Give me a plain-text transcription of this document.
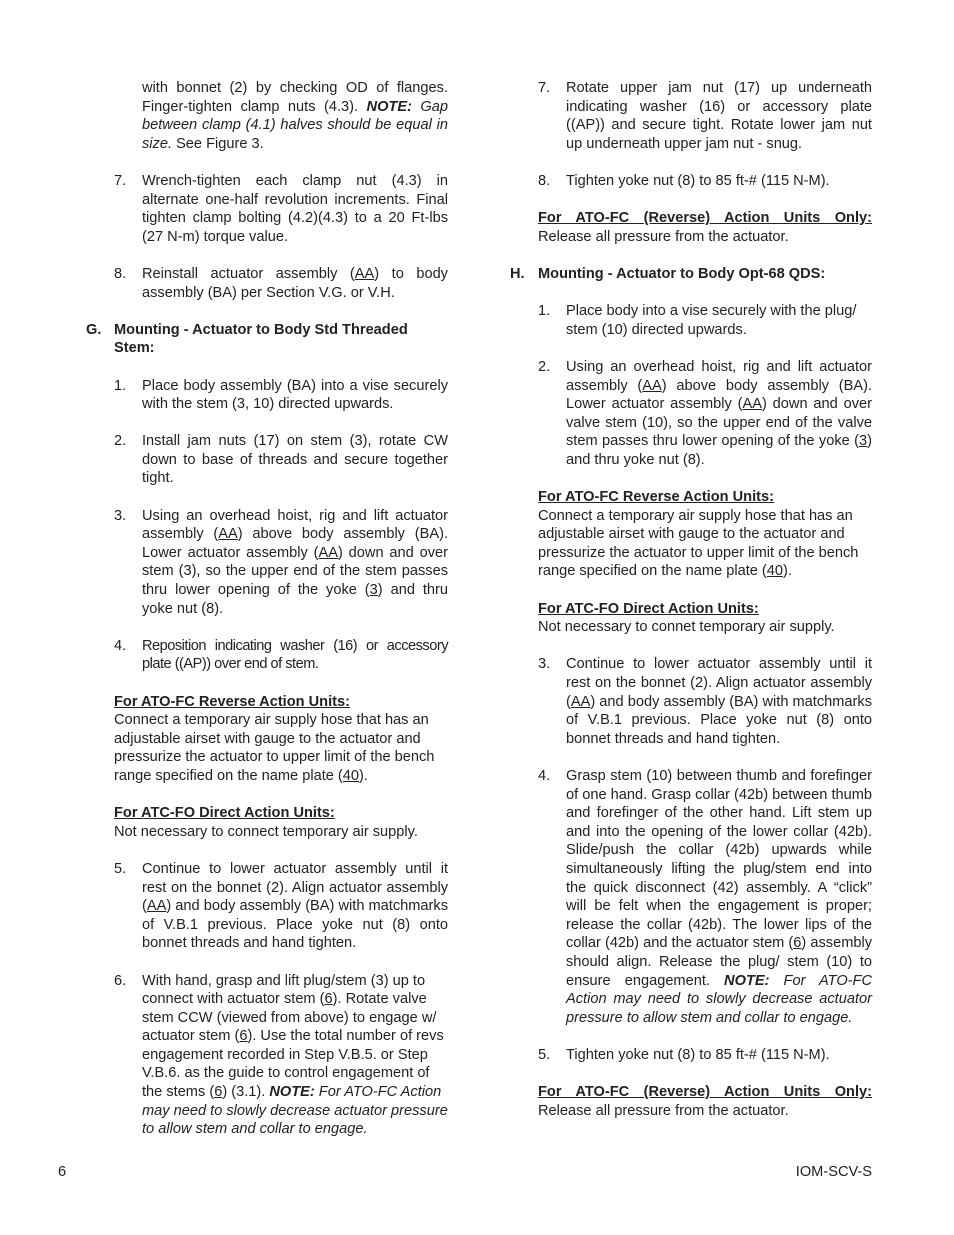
with bonnet (2) by checking OD of flanges. Finger-tighten clamp nuts (4.3). NOTE: Gap between clamp (4.1) halves should be equal in size. See Figure 3.
7. Wrench-tighten each clamp nut (4.3) in alternate one-half revolution increments. Final tighten clamp bolting (4.2)(4.3) to a 20 Ft-lbs (27 N-m) torque value.
8. Reinstall actuator assembly (AA) to body assembly (BA) per Section V.G. or V.H.
G. Mounting - Actuator to Body Std Threaded Stem:
1. Place body assembly (BA) into a vise securely with the stem (3, 10) directed upwards.
2. Install jam nuts (17) on stem (3), rotate CW down to base of threads and secure together tight.
3. Using an overhead hoist, rig and lift actuator assembly (AA) above body assembly (BA). Lower actuator assembly (AA) down and over stem (3), so the upper end of the stem passes thru lower opening of the yoke (3) and thru yoke nut (8).
4. Reposition indicating washer (16) or accessory plate ((AP)) over end of stem.
For ATO-FC Reverse Action Units:
Connect a temporary air supply hose that has an adjustable airset with gauge to the actuator and pressurize the actuator to upper limit of the bench range specified on the name plate (40).
For ATC-FO Direct Action Units:
Not necessary to connect temporary air supply.
5. Continue to lower actuator assembly until it rest on the bonnet (2). Align actuator assembly (AA) and body assembly (BA) with matchmarks of V.B.1 previous. Place yoke nut (8) onto bonnet threads and hand tighten.
6. With hand, grasp and lift plug/stem (3) up to connect with actuator stem (6). Rotate valve stem CCW (viewed from above) to engage w/ actuator stem (6). Use the total number of revs engagement recorded in Step V.B.5. or Step V.B.6. as the guide to control engagement of the stems (6) (3.1). NOTE: For ATO-FC Action may need to slowly decrease actuator pressure to allow stem and collar to engage.
7. Rotate upper jam nut (17) up underneath indicating washer (16) or accessory plate ((AP)) and secure tight. Rotate lower jam nut up underneath upper jam nut - snug.
8. Tighten yoke nut (8) to 85 ft-# (115 N-M).
For ATO-FC (Reverse) Action Units Only: Release all pressure from the actuator.
H. Mounting - Actuator to Body Opt-68 QDS:
1. Place body into a vise securely with the plug/ stem (10) directed upwards.
2. Using an overhead hoist, rig and lift actuator assembly (AA) above body assembly (BA). Lower actuator assembly (AA) down and over valve stem (10), so the upper end of the valve stem passes thru lower opening of the yoke (3) and thru yoke nut (8).
For ATO-FC Reverse Action Units:
Connect a temporary air supply hose that has an adjustable airset with gauge to the actuator and pressurize the actuator to upper limit of the bench range specified on the name plate (40).
For ATC-FO Direct Action Units:
Not necessary to connet temporary air supply.
3. Continue to lower actuator assembly until it rest on the bonnet (2). Align actuator assembly (AA) and body assembly (BA) with matchmarks of V.B.1 previous. Place yoke nut (8) onto bonnet threads and hand tighten.
4. Grasp stem (10) between thumb and forefinger of one hand. Grasp collar (42b) between thumb and forefinger of the other hand. Lift stem up and into the opening of the lower collar (42b). Slide/push the collar (42b) upwards while simultaneously lifting the plug/stem end into the quick disconnect (42) assembly. A “click” will be felt when the engagement is proper; release the collar (42b). The lower lips of the collar (42b) and the actuator stem (6) assembly should align. Release the plug/ stem (10) to ensure engagement. NOTE: For ATO-FC Action may need to slowly decrease actuator pressure to allow stem and collar to engage.
5. Tighten yoke nut (8) to 85 ft-# (115 N-M).
For ATO-FC (Reverse) Action Units Only: Release all pressure from the actuator.
6	IOM-SCV-S
